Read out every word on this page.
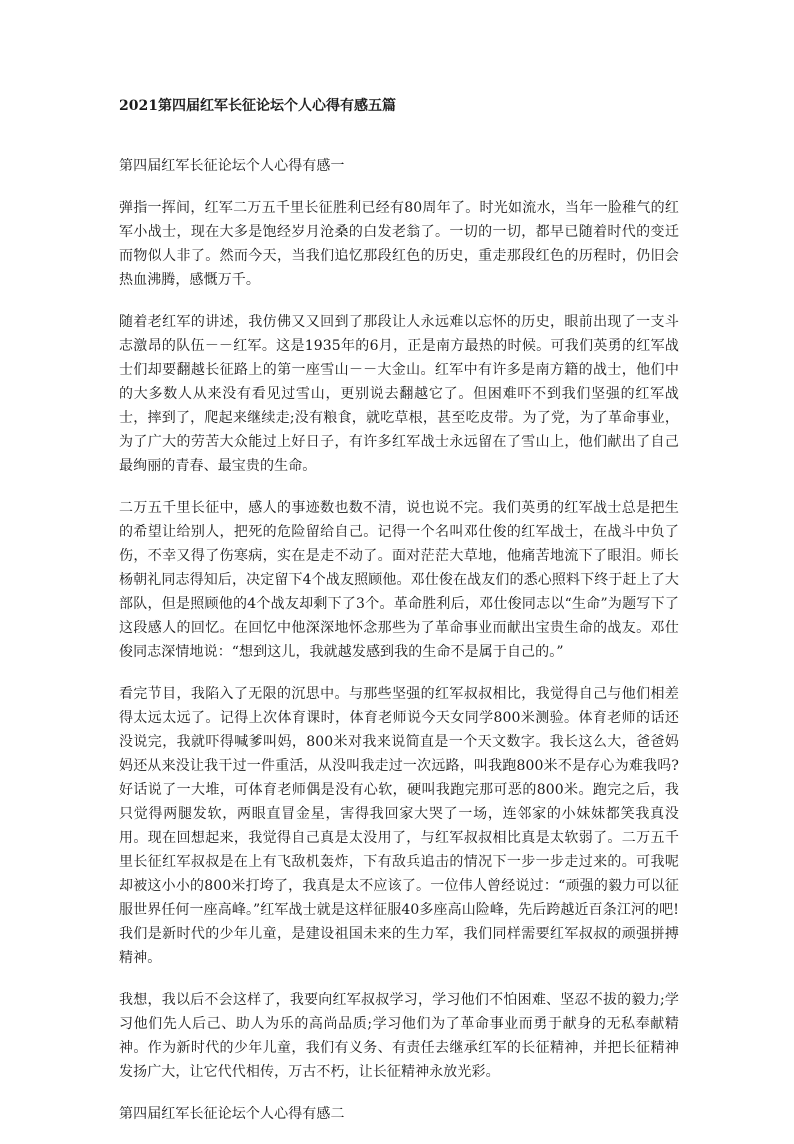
2021第四届红军长征论坛个人心得有感五篇
第四届红军长征论坛个人心得有感一

弹指一挥间，红军二万五千里长征胜利已经有80周年了。时光如流水，当年一脸稚气的红军小战士，现在大多是饱经岁月沧桑的白发老翁了。一切的一切，都早已随着时代的变迁而物似人非了。然而今天，当我们追忆那段红色的历史，重走那段红色的历程时，仍旧会热血沸腾，感慨万千。

随着老红军的讲述，我仿佛又又回到了那段让人永远难以忘怀的历史，眼前出现了一支斗志激昂的队伍－－红军。这是1935年的6月，正是南方最热的时候。可我们英勇的红军战士们却要翻越长征路上的第一座雪山－－大金山。红军中有许多是南方籍的战士，他们中的大多数人从来没有看见过雪山，更别说去翻越它了。但困难吓不到我们坚强的红军战士，摔到了，爬起来继续走;没有粮食，就吃草根，甚至吃皮带。为了党，为了革命事业，为了广大的劳苦大众能过上好日子，有许多红军战士永远留在了雪山上，他们献出了自己最绚丽的青春、最宝贵的生命。

二万五千里长征中，感人的事迹数也数不清，说也说不完。我们英勇的红军战士总是把生的希望让给别人，把死的危险留给自己。记得一个名叫邓仕俊的红军战士，在战斗中负了伤，不幸又得了伤寒病，实在是走不动了。面对茫茫大草地，他痛苦地流下了眼泪。师长杨朝礼同志得知后，决定留下4个战友照顾他。邓仕俊在战友们的悉心照料下终于赶上了大部队，但是照顾他的4个战友却剩下了3个。革命胜利后，邓仕俊同志以“生命”为题写下了这段感人的回忆。在回忆中他深深地怀念那些为了革命事业而献出宝贵生命的战友。邓仕俊同志深情地说：“想到这儿，我就越发感到我的生命不是属于自己的。”

看完节目，我陷入了无限的沉思中。与那些坚强的红军叔叔相比，我觉得自己与他们相差得太远太远了。记得上次体育课时，体育老师说今天女同学800米测验。体育老师的话还没说完，我就吓得喊爹叫妈，800米对我来说简直是一个天文数字。我长这么大，爸爸妈妈还从来没让我干过一件重活，从没叫我走过一次远路，叫我跑800米不是存心为难我吗?好话说了一大堆，可体育老师偶是没有心软，硬叫我跑完那可恶的800米。跑完之后，我只觉得两腿发软，两眼直冒金星，害得我回家大哭了一场，连邻家的小妹妹都笑我真没用。现在回想起来，我觉得自己真是太没用了，与红军叔叔相比真是太软弱了。二万五千里长征红军叔叔是在上有飞敌机轰炸，下有敌兵追击的情况下一步一步走过来的。可我呢却被这小小的800米打垮了，我真是太不应该了。一位伟人曾经说过：“顽强的毅力可以征服世界任何一座高峰。”红军战士就是这样征服40多座高山险峰，先后跨越近百条江河的吧!我们是新时代的少年儿童，是建设祖国未来的生力军，我们同样需要红军叔叔的顽强拼搏精神。

我想，我以后不会这样了，我要向红军叔叔学习，学习他们不怕困难、坚忍不拔的毅力;学习他们先人后己、助人为乐的高尚品质;学习他们为了革命事业而勇于献身的无私奉献精神。作为新时代的少年儿童，我们有义务、有责任去继承红军的长征精神，并把长征精神发扬广大，让它代代相传，万古不朽，让长征精神永放光彩。

第四届红军长征论坛个人心得有感二
